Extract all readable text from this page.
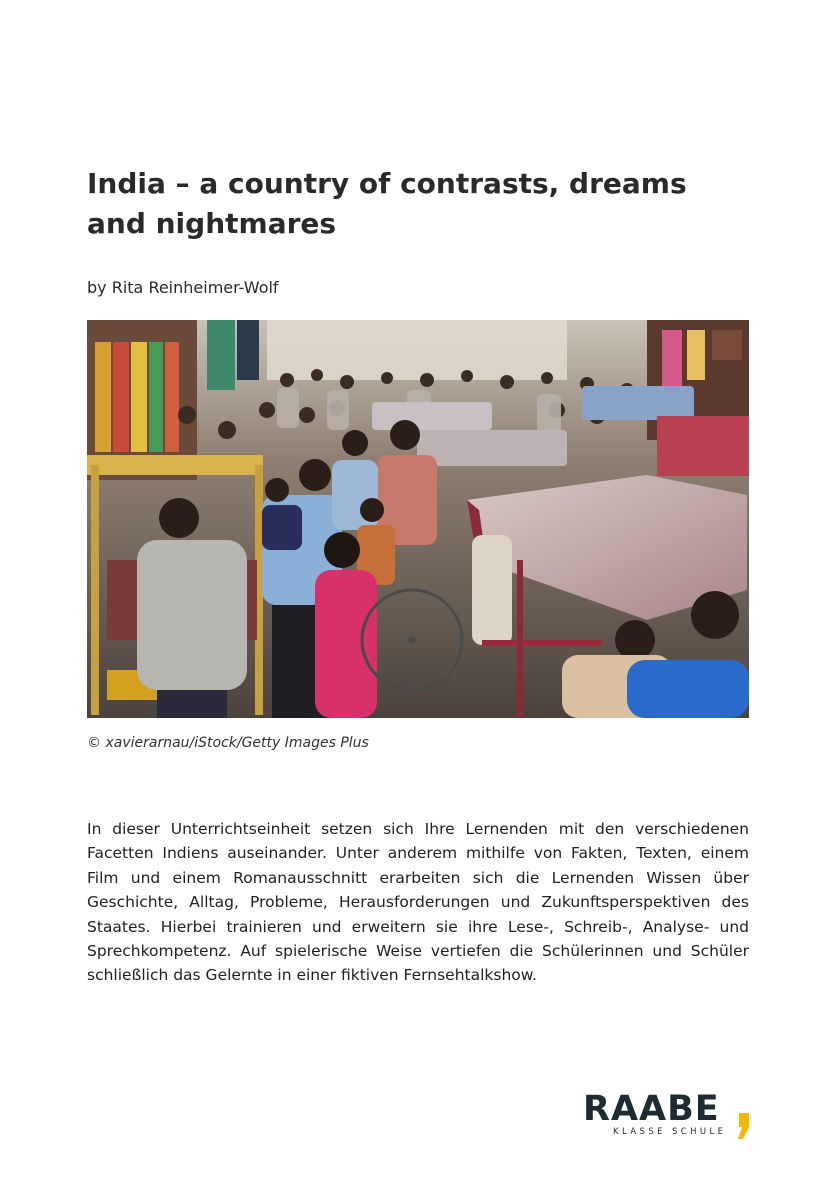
India – a country of contrasts, dreams and nightmares

by Rita Reinheimer-Wolf

© xavierarnau/iStock/Getty Images Plus

In dieser Unterrichtseinheit setzen sich Ihre Lernenden mit den verschiedenen Facetten Indiens auseinander. Unter anderem mithilfe von Fakten, Texten, einem Film und einem Romanausschnitt erarbeiten sich die Lernenden Wissen über Geschichte, Alltag, Probleme, Herausforderungen und Zukunftsperspektiven des Staates. Hierbei trainieren und erweitern sie ihre Lese-, Schreib-, Analyse- und Sprechkompetenz. Auf spielerische Weise vertiefen die Schülerinnen und Schüler schließlich das Gelernte in einer fiktiven Fernsehtalkshow.

RAABE
KLASSE SCHULE
